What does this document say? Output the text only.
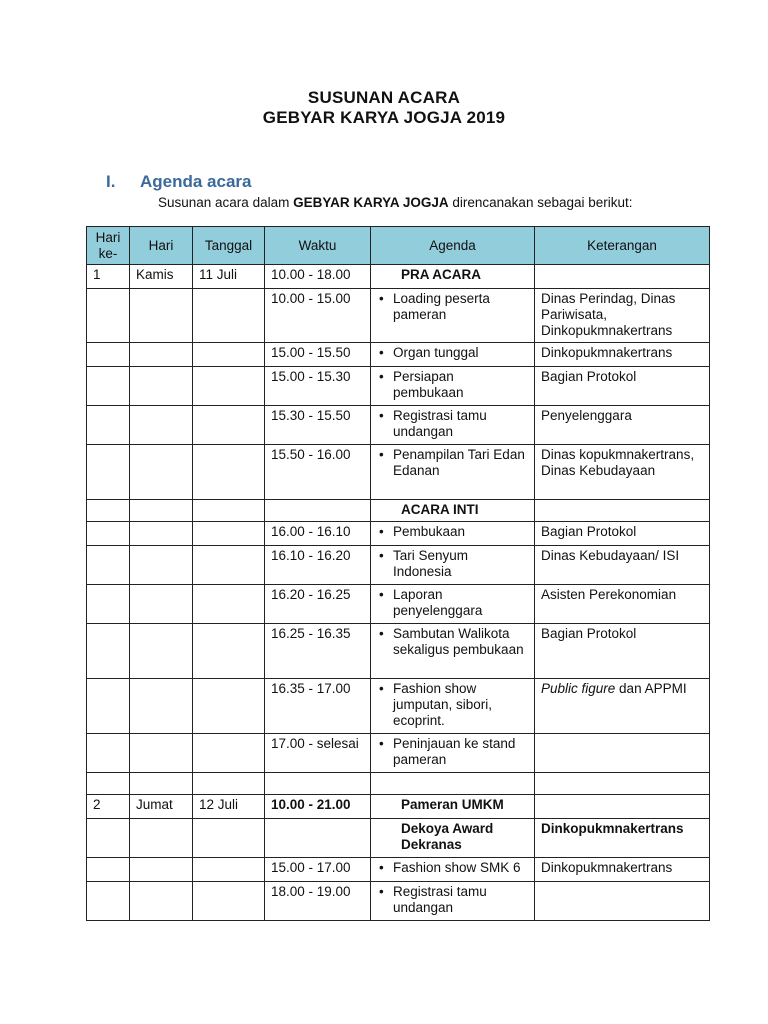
SUSUNAN ACARA
GEBYAR KARYA JOGJA 2019
I. Agenda acara
Susunan acara dalam GEBYAR KARYA JOGJA direncanakan sebagai berikut:
Hari ke-	Hari	Tanggal	Waktu	Agenda	Keterangan
1	Kamis	11 Juli	10.00 - 18.00	PRA ACARA	

			10.00 - 15.00	• Loading peserta pameran	Dinas Perindag, Dinas Pariwisata, Dinkopukmnakertrans
			15.00 - 15.50	• Organ tunggal	Dinkopukmnakertrans
			15.00 - 15.30	• Persiapan pembukaan	Bagian Protokol
			15.30 - 15.50	• Registrasi tamu undangan	Penyelenggara
			15.50 - 16.00	• Penampilan Tari Edan Edanan	Dinas kopukmnakertrans, Dinas Kebudayaan

				ACARA INTI	

			16.00 - 16.10	• Pembukaan	Bagian Protokol
			16.10 - 16.20	• Tari Senyum Indonesia	Dinas Kebudayaan/ ISI
			16.20 - 16.25	• Laporan penyelenggara	Asisten Perekonomian
			16.25 - 16.35	• Sambutan Walikota sekaligus pembukaan	Bagian Protokol
			16.35 - 17.00	• Fashion show jumputan, sibori, ecoprint.	Public figure dan APPMI
			17.00 - selesai	• Peninjauan ke stand pameran	

2	Jumat	12 Juli	10.00 - 21.00	Pameran UMKM	

				Dekoya Award Dekranas	Dinkopukmnakertrans
			15.00 - 17.00	• Fashion show SMK 6	Dinkopukmnakertrans
			18.00 - 19.00	• Registrasi tamu undangan	
